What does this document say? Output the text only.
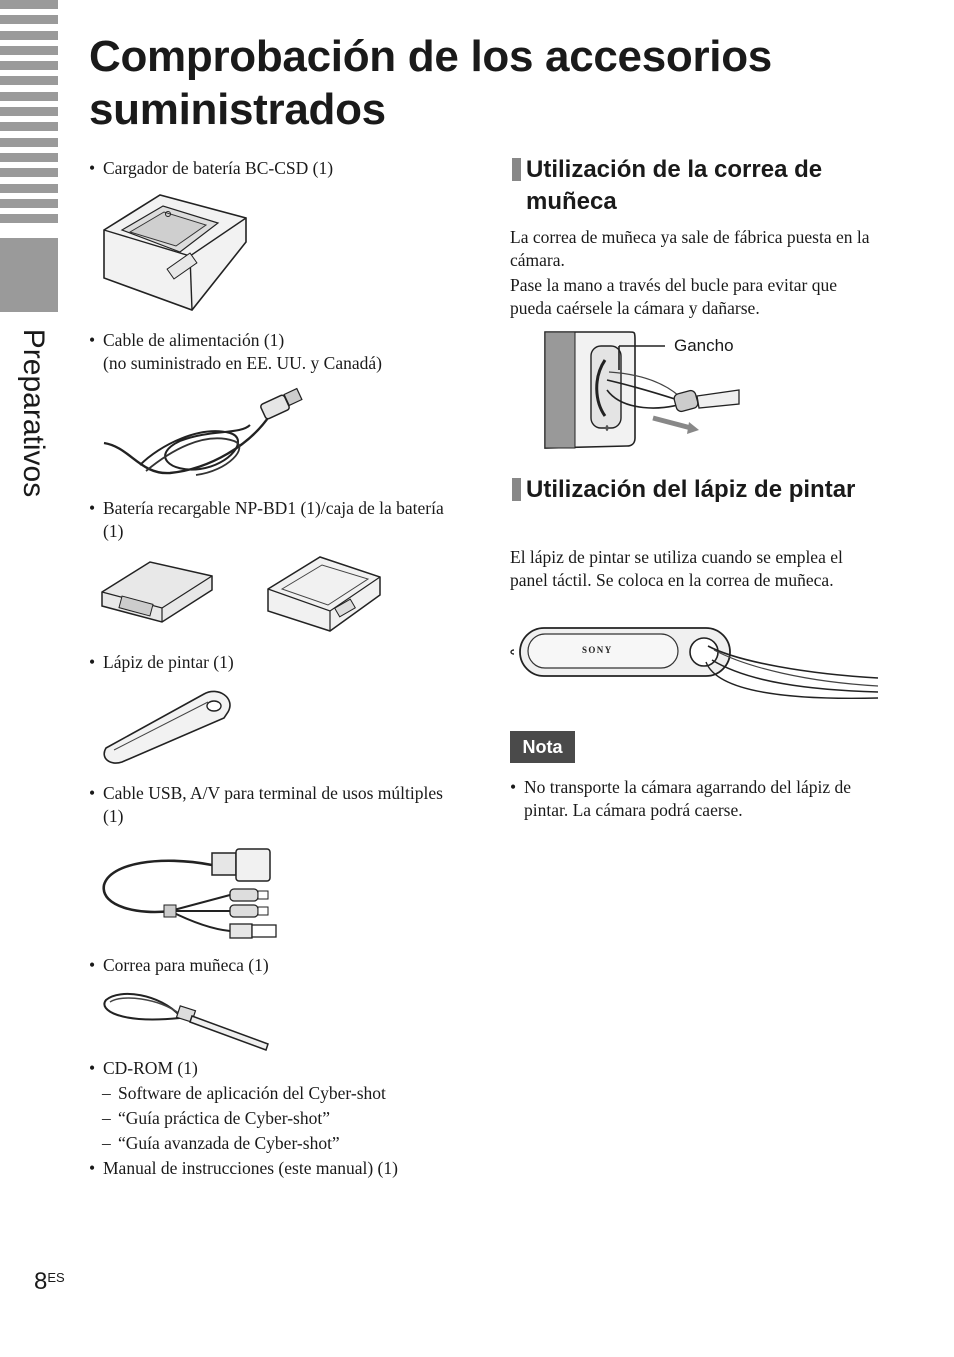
Preparativos
Comprobación de los accesorios suministrados
• Cargador de batería BC-CSD (1)
• Cable de alimentación (1)
(no suministrado en EE. UU. y Canadá)
• Batería recargable NP-BD1 (1)/caja de la batería (1)
• Lápiz de pintar (1)
• Cable USB, A/V para terminal de usos múltiples (1)
• Correa para muñeca (1)
• CD-ROM (1)
– Software de aplicación del Cyber-shot
– “Guía práctica de Cyber-shot”
– “Guía avanzada de Cyber-shot”
• Manual de instrucciones (este manual) (1)
Utilización de la correa de muñeca
La correa de muñeca ya sale de fábrica puesta en la cámara.
Pase la mano a través del bucle para evitar que pueda caérsele la cámara y dañarse.
Gancho
Utilización del lápiz de pintar
El lápiz de pintar se utiliza cuando se emplea el panel táctil. Se coloca en la correa de muñeca.
SONY
Nota
• No transporte la cámara agarrando del lápiz de pintar. La cámara podrá caerse.
$8^{ES}$
